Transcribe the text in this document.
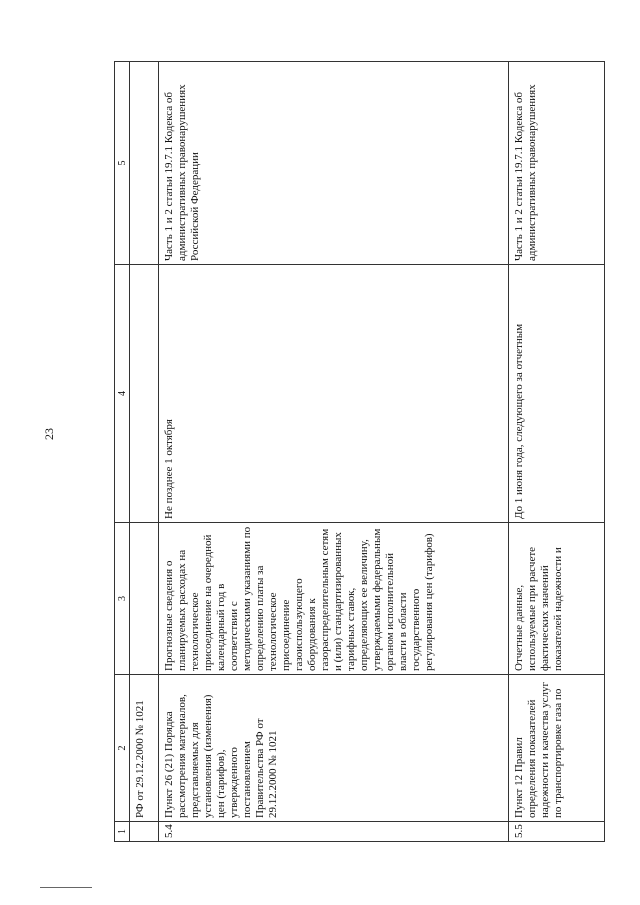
23
1	2	3	4	5
	РФ от 29.12.2000 № 1021			
5.4	Пункт 26 (21) Порядка рассмотрения материалов, представляемых для установления (изменения) цен (тарифов), утвержденного постановлением Правительства РФ от 29.12.2000 № 1021	Прогнозные сведения о планируемых расходах на технологическое присоединение на очередной календарный год в соответствии с методическими указаниями по определению платы за технологическое присоединение газоиспользующего оборудования к газораспределительным сетям и (или) стандартизированных тарифных ставок, определяющих ее величину, утверждаемыми федеральным органом исполнительной власти в области государственного регулирования цен (тарифов)	Не позднее 1 октября	Часть 1 и 2 статьи 19.7.1 Кодекса об административных правонарушениях Российской Федерации
5.5	Пункт 12 Правил определения показателей надежности и качества услуг по транспортировке газа по	Отчетные данные, используемые при расчете фактических значений показателей надежности и	До 1 июня года, следующего за отчетным	Часть 1 и 2 статьи 19.7.1 Кодекса об административных правонарушениях
